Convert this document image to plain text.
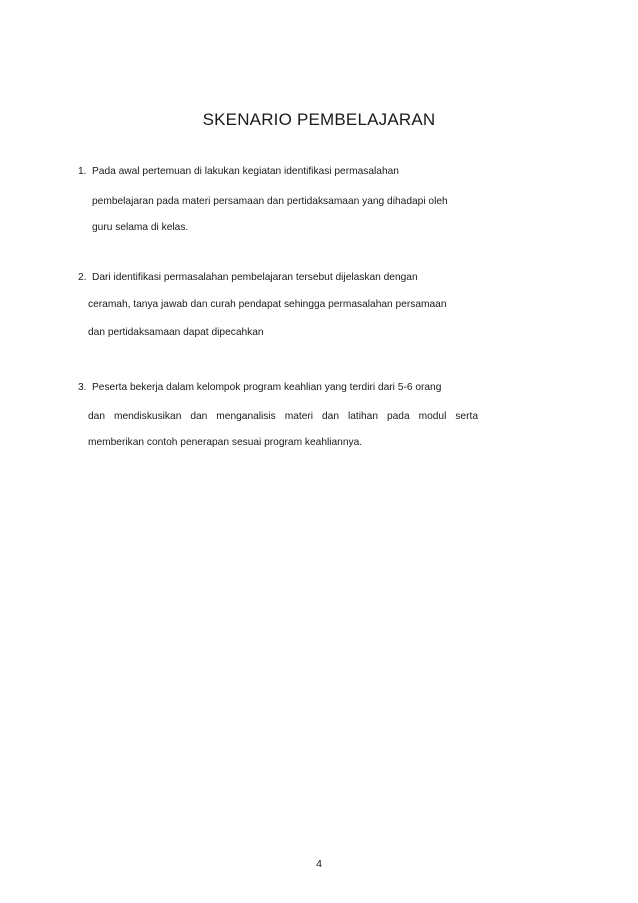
SKENARIO PEMBELAJARAN
1. Pada awal pertemuan di lakukan kegiatan identifikasi permasalahan
pembelajaran pada materi persamaan dan pertidaksamaan yang dihadapi oleh
guru selama di kelas.
2. Dari identifikasi permasalahan pembelajaran tersebut dijelaskan dengan
ceramah, tanya jawab dan curah pendapat sehingga permasalahan persamaan
dan pertidaksamaan dapat dipecahkan
3. Peserta bekerja dalam kelompok program keahlian yang terdiri dari 5-6 orang
dan mendiskusikan dan menganalisis materi dan latihan pada modul serta
memberikan contoh penerapan sesuai program keahliannya.
4
